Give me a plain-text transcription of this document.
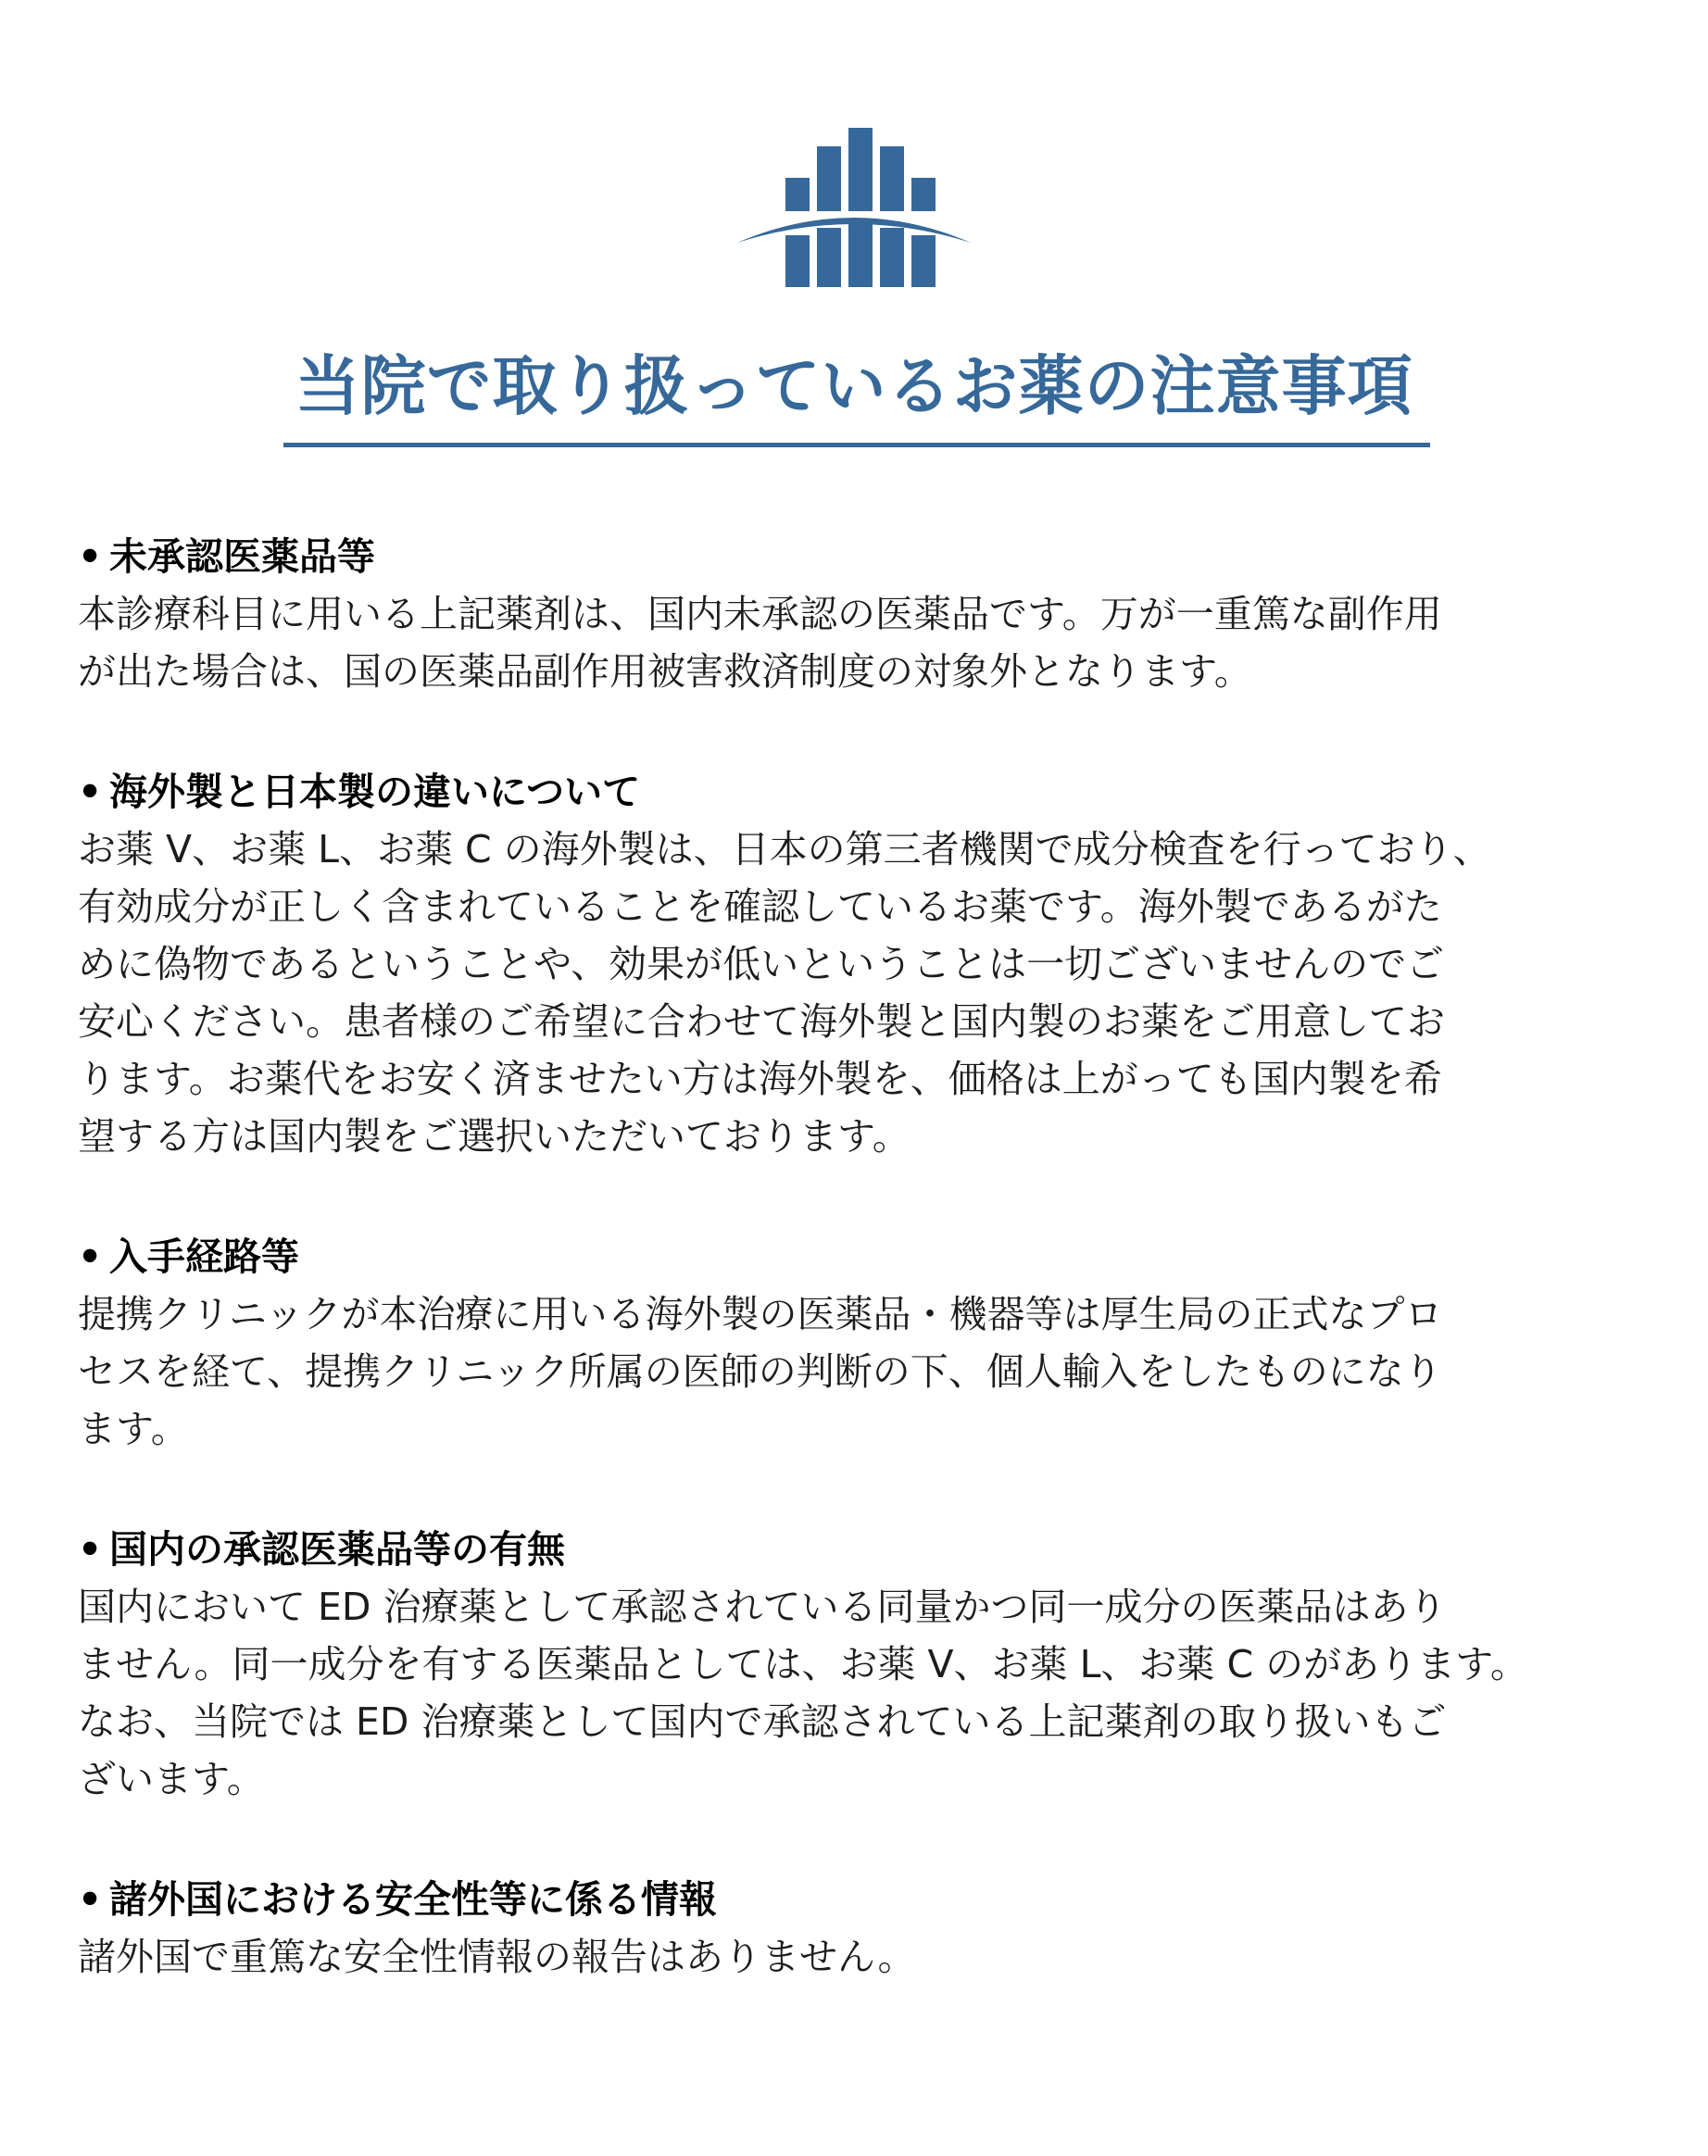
当院で取り扱っているお薬の注意事項
• 未承認医薬品等
本診療科目に用いる上記薬剤は、国内未承認の医薬品です。万が一重篤な副作用
が出た場合は、国の医薬品副作用被害救済制度の対象外となります。
• 海外製と日本製の違いについて
お薬 V、お薬 L、お薬 C の海外製は、日本の第三者機関で成分検査を行っており、
有効成分が正しく含まれていることを確認しているお薬です。海外製であるがた
めに偽物であるということや、効果が低いということは一切ございませんのでご
安心ください。患者様のご希望に合わせて海外製と国内製のお薬をご用意してお
ります。お薬代をお安く済ませたい方は海外製を、価格は上がっても国内製を希
望する方は国内製をご選択いただいております。
• 入手経路等
提携クリニックが本治療に用いる海外製の医薬品・機器等は厚生局の正式なプロ
セスを経て、提携クリニック所属の医師の判断の下、個人輸入をしたものになり
ます。
• 国内の承認医薬品等の有無
国内において ED 治療薬として承認されている同量かつ同一成分の医薬品はあり
ません。同一成分を有する医薬品としては、お薬 V、お薬 L、お薬 C のがあります。
なお、当院では ED 治療薬として国内で承認されている上記薬剤の取り扱いもご
ざいます。
• 諸外国における安全性等に係る情報
諸外国で重篤な安全性情報の報告はありません。
